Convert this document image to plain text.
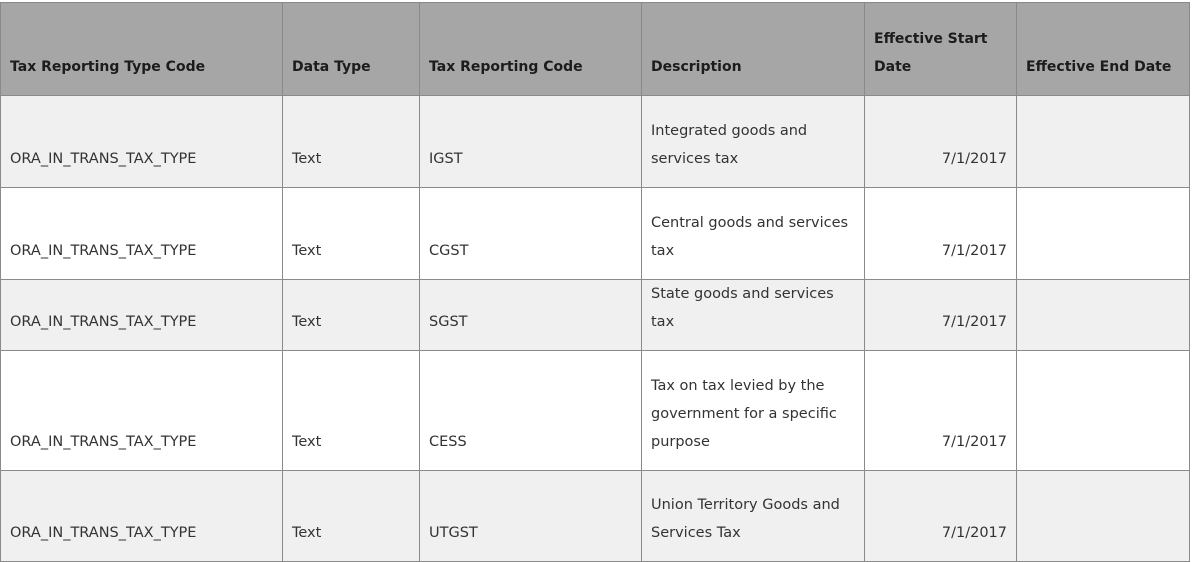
Tax Reporting Type Code	Data Type	Tax Reporting Code	Description	Effective Start Date	Effective End Date
ORA_IN_TRANS_TAX_TYPE	Text	IGST	Integrated goods and services tax	7/1/2017	
ORA_IN_TRANS_TAX_TYPE	Text	CGST	Central goods and services tax	7/1/2017	
ORA_IN_TRANS_TAX_TYPE	Text	SGST	State goods and services tax	7/1/2017	
ORA_IN_TRANS_TAX_TYPE	Text	CESS	Tax on tax levied by the government for a specific purpose	7/1/2017	
ORA_IN_TRANS_TAX_TYPE	Text	UTGST	Union Territory Goods and Services Tax	7/1/2017	
